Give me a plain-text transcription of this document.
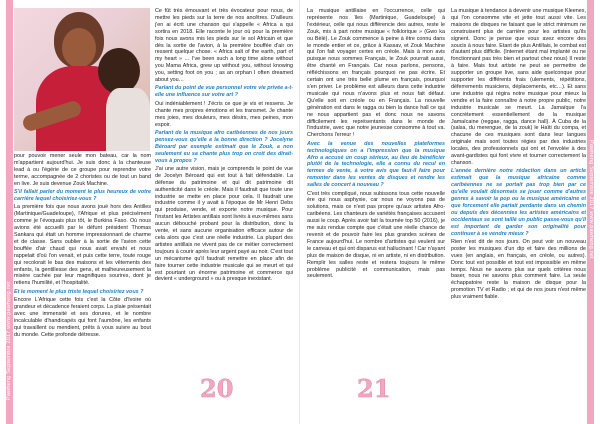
Pawheng Septembre 2017 www.pawheng.net
Pawheng Septembre 2017 www.pawheng.net

pour pouvoir mener seule mon bateau, car la nom m'appartient aujourd'hui. Je suis donc à la chanteuse lead à ou l'égérie de ce groupe pour reprendre votre terme, accompagnée de 2 choristes ou de tout un band en live. Je suis devenue Zouk Machine.

S'il fallait parler du moment le plus heureux de votre carrière lequel choisiriez-vous ?

La première fois que nous avons joué hors des Antilles (Martinique/Guadeloupe), l'Afrique et plus précisément comme je l'évoquais plus tôt, le Burkina Faso. Où nous avions été accueilli par le défunt président Thomas Sankara qui était un homme impressionnant de charme et de classe. Sans oublier à la sortie de l'avion cette bouffée d'air chaud qui nous avait envahi et nous rappelait d'où l'on venait, et puis cette terre, toute rouge qui recolorait le bas des maisons et les vêtements des enfants, la gentillesse des gens, et malheureusement la misère cachée par leur magnifiques sourires, dont je retiens l'humilité, et l'hospitalité.

Et le moment le plus triste lequel choisiriez vous ?

Encore L'Afrique cette fois c'est la Côte d'Ivoire où grandeur et décadence feraient corps. La plaie présentait avec une immensité et ses dorures, et le nombre incalculable d'handicapés qui font l'aumône, les enfants qui travaillent ou mendient, prêts à vous suivre au bout du monde. Cette profonde détresse.

Ce fût très émouvant et très évocateur pour nous, de mettre les pieds sur la terre de nos ancêtres. D'ailleurs j'en ai écrit une chanson qui s'appelle « Africa a qui sortira en 2018. Elle raconte le jour où pour la première fois nous avons mis les pieds sur le sol Africain et que dès la sortie de l'avion, à la première bouffée d'air on ressent quelque chose. « Africa salt of the earth, part of my heart » … I've been such a long time alone without you Mama Africa, grew up without you, without knowing you, setting foot on you ; as an orphan I often dreamed about you…

Parlant du point de vue personnel votre vie privée a-t-elle une influence sur votre art ?

Oui indéniablement ! J'écris ce que je vis et ressens. Je chante mes propres émotions et les transmet. Je chante mes joies, mes douleurs, mes désirs, mes peines, mon espoir.

Parlant de la musique afro caribéennes de nos jours pensez-vous qu'elle a la bonne direction ? Jocelyne Béroard par exemple estimait que le Zouk, a non seulement eu sa chante plus trop on croit des dirait-vous à propos ?

J'ai une autre vision, mais je comprends le point de vue de Jocelyn Béroard qui est tout à fait défendable. La défense du patrimoine et qui dit patrimoine dit authenticité dans le créole. Mais il faudrait que toute une industrie se mette en place pour cela. Il faudrait une industrie comme il y avait à l'époque de Mr Henri Debs qui produise, vende, et exporte notre musique. Pour l'instant les Artistes antillais sont livrés à eux-mêmes sans aucun débouché probant pour la distribution, donc la vente, et sans aucune organisation efficace autour de cela alors que c'est une réelle industrie. La plupart des artistes antillais ne vivent pas de ce métier correctement toujours à courir après leur argent payé au noir. C'est tout un mécanisme qu'il faudrait remettre en place afin de faire tourner cette industrie musicale qui se meurt et qui est pourtant un énorme patrimoine et commerce qui devient « underground » ou à presque inexistant.

La musique antillaise en l'occurrence, celle qui représente nos îles (Martinique, Guadeloupe) à l'extérieur, celle qui nous différencie des autres, reste le Zouk, mis à part notre musique « folklorique » (Gwo ka ou Bèlè). Le Zouk commence à peine à être connu dans le monde entier et ce, grâce à Kassav, et Zouk Machine qui l'on fait voyager certes en créole. Mais à mon avis puisque nous sommes Français, le Zouk pourrait aussi, être chanté en Français. Car nous parlons, pensons, réfléchissons en français pourquoi ne pas écrire. Et certain ont une très belle plume en français, pourquoi s'en priver. Le problème est ailleurs dans cette industrie musicale qui nous n'avons plus et nous fait défaut. Qu'elle soit en créole ou en Français. La nouvelle génération est dans le ragga ou bien la dance hall ce qui ne nous appartient pas et donc nous ne savons difficilement les représentants dans le monde de l'industrie, avec que notre jeunesse consomme à tout va. Cherchons l'erreur !

Avec la venue des nouvelles plateformes technologiques on a l'impression que la musique Afro a accusé un coup sérieux, au lieu de bénéficier plutôt de la technologie, elle a connu du recul en termes de vente, à votre avis que faut-il faire pour remonter dans les ventes de disques et rendre les salles de concert à nouveau ?

C'est très compliqué, nous subissons tous cette nouvelle ère qui nous asphyxie, car nous ne voyons pas de solutions, mais ce n'est pas propre qu'aux artistes Afro-caribéens. Les chanteurs de variétés françaises accusent aussi le coup. Après avoir fait la tournée top 50 (2016), je me suis rendue compte que c'était une réelle chance de revenir et de pouvoir faire les plus grandes scènes de France aujourd'hui. Le nombre d'artistes qui veulent sur le carreau et qui ont disparus est hallucinant ! Car n'ayant plus de maison de disque, ni en artiste, ni en distribution. Remplir les salles reste et restera toujours le même problème publicité et communication, mais pas seulement.

La musique à tendance à devenir une musique Kleenex, qui l'on consomme vite et jette tout aussi vite. Les maisons de disques ne faisant que le strict minimum ne construisent plus de carrière pour les artistes qu'ils signent. Donc je pense que vous avez encore des soucis à nous faire. Etant de plus Antillais, le combat est d'autant plus difficile. (Internet étant mal implanté ou ne fonctionnant pas très bien et partout chez nous) Il reste à faire. Mais tout artiste ne peut se permettre de supporter un groupe live, sans aide quelconque pour supporter les différents frais (ulements, répétitions, déferrements musiciens, déplacements, etc…). Et sans une industrie qui régira notre musique pour mieux la vendre et la faire connaître à notre propre public, notre industrie musicale se meurt. La Jamaïque l'a concrètement essentiellement de la musique Jamaïcaine (reggae, ragga, dance hall). À Cuba de la (salsa, du merengue, de la zouk) le Haïti du compa, et chacune de ces musiques sont dans leur langues originale mais sont toutes régies par des industries locales, des professionnels qui ont et l'envolée à des avant-gardistes qui font vivre et tourner correctement la chanson.

L'année dernière notre rédaction dans un article estimait que la musique africaine comme caribéennes ne se portait pas trop bien par ce qu'elle voulait désormais se jouer comme d'autres genres à savoir la pop ou la musique américaine et que forcement elle partait perdante dans un chemin ou depuis des décennies les artistes américains et occidentaux se sont taillé un public passe-vous qu'il est important de garder son originalité pour continuer à se vendre mieux ?

Rien n'est dit de nos jours. On peut voir un nouveau poster les musiques d'un dip et faire des millions de vues (en anglais, en français, en créole, ou autres). Donc tout est possible et tout est impossible en même temps. Nous ne savons plus sur quels critères nous baser, nous ne savons plus comment faire. La seule échappatoire reste la maison de disque pour la promotion TV et Radio ; et qui de nos jours n'est même plus vraiment fiable.

20	21
